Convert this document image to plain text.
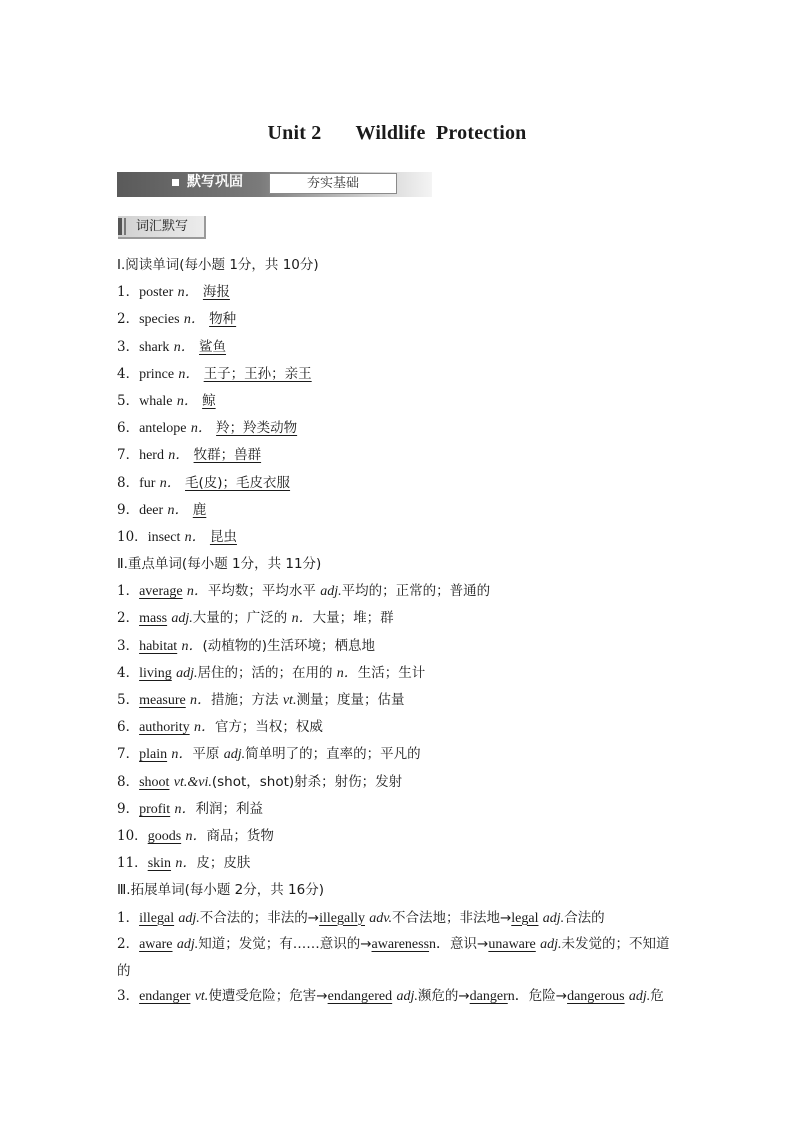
Unit 2 Wildlife  Protection
默写巩固	夯实基础
词汇默写
Ⅰ.阅读单词(每小题 1分，共 10分)
1．poster n． 海报
2．species n． 物种
3．shark n． 鲨鱼
4．prince n． 王子；王孙；亲王
5．whale n． 鲸
6．antelope n． 羚；羚类动物
7．herd n． 牧群；兽群
8．fur n． 毛(皮)；毛皮衣服
9．deer n． 鹿
10．insect n． 昆虫
Ⅱ.重点单词(每小题 1分，共 11分)
1．average n．平均数；平均水平 adj.平均的；正常的；普通的
2．mass adj.大量的；广泛的 n．大量；堆；群
3．habitat n．(动植物的)生活环境；栖息地
4．living adj.居住的；活的；在用的 n．生活；生计
5．measure n．措施；方法 vt.测量；度量；估量
6．authority n．官方；当权；权威
7．plain n．平原 adj.简单明了的；直率的；平凡的
8．shoot vt.&vi.(shot，shot)射杀；射伤；发射
9．profit n．利润；利益
10．goods n．商品；货物
11．skin n．皮；皮肤
Ⅲ.拓展单词(每小题 2分，共 16分)
1．illegal adj.不合法的；非法的→illegally adv.不合法地；非法地→legal adj.合法的
2．aware adj.知道；发觉；有……意识的→awarenessn．意识→unaware adj.未发觉的；不知道的
3．endanger vt.使遭受危险；危害→endangered adj.濒危的→dangern．危险→dangerous adj.危
